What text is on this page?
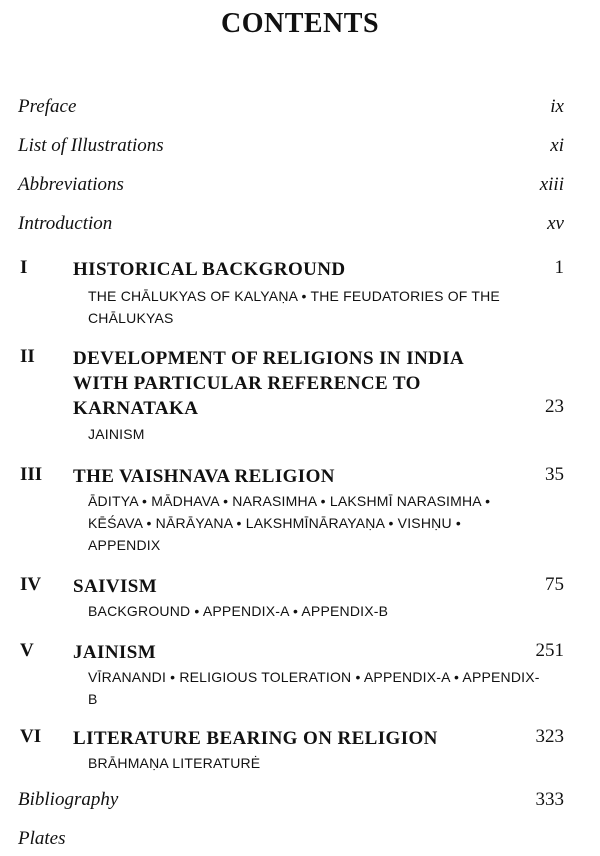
CONTENTS
Preface	ix
List of Illustrations	xi
Abbreviations	xiii
Introduction	xv
I HISTORICAL BACKGROUND	1
THE CHĀLUKYAS OF KALYAṆA • THE FEUDATORIES OF THE CHĀLUKYAS
II DEVELOPMENT OF RELIGIONS IN INDIA WITH PARTICULAR REFERENCE TO KARNATAKA	23
JAINISM
III THE VAISHNAVA RELIGION	35
ĀDITYA • MĀDHAVA • NARASIMHA • LAKSHMĪ NARASIMHA • KĒŚAVA • NĀRĀYANA • LAKSHMĪNĀRAYAṆA • VISHṆU • APPENDIX
IV SAIVISM	75
BACKGROUND • APPENDIX-A • APPENDIX-B
V JAINISM	251
VĪRANANDI • RELIGIOUS TOLERATION • APPENDIX-A • APPENDIX-B
VI LITERATURE BEARING ON RELIGION	323
BRĀHMAṆA LITERATURĖ
Bibliography	333
Plates
